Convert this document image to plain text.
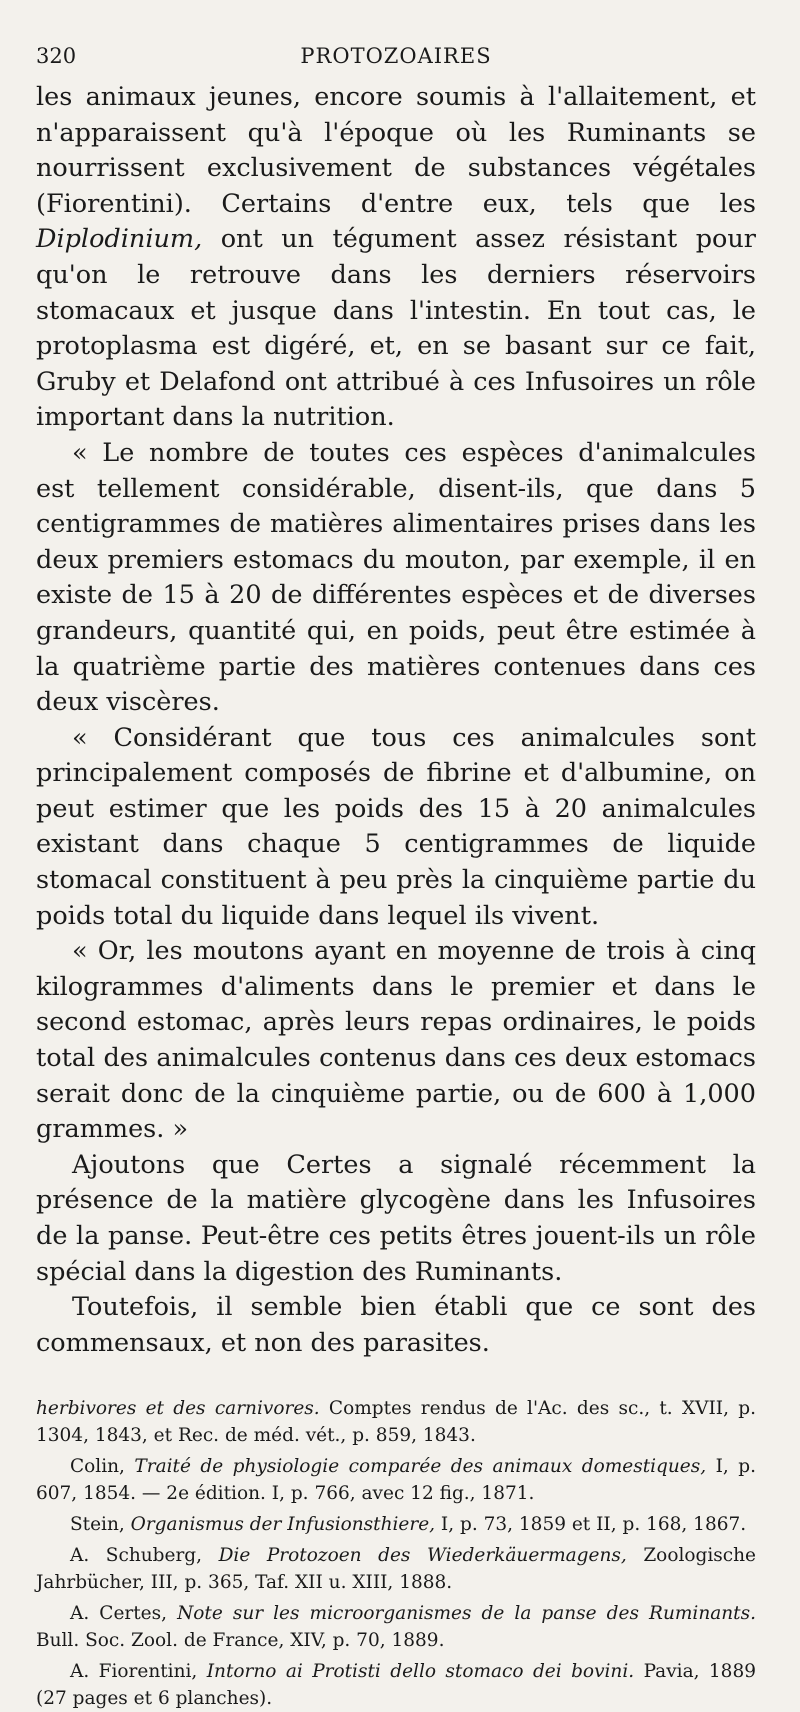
320	PROTOZOAIRES

les animaux jeunes, encore soumis à l'allaitement, et n'apparaissent qu'à l'époque où les Ruminants se nourrissent exclusivement de substances végétales (Fiorentini). Certains d'entre eux, tels que les Diplodinium, ont un tégument assez résistant pour qu'on le retrouve dans les derniers réservoirs stomacaux et jusque dans l'intestin. En tout cas, le protoplasma est digéré, et, en se basant sur ce fait, Gruby et Delafond ont attribué à ces Infusoires un rôle important dans la nutrition.

« Le nombre de toutes ces espèces d'animalcules est tellement considérable, disent-ils, que dans 5 centigrammes de matières alimentaires prises dans les deux premiers estomacs du mouton, par exemple, il en existe de 15 à 20 de différentes espèces et de diverses grandeurs, quantité qui, en poids, peut être estimée à la quatrième partie des matières contenues dans ces deux viscères.

« Considérant que tous ces animalcules sont principalement composés de fibrine et d'albumine, on peut estimer que les poids des 15 à 20 animalcules existant dans chaque 5 centigrammes de liquide stomacal constituent à peu près la cinquième partie du poids total du liquide dans lequel ils vivent.

« Or, les moutons ayant en moyenne de trois à cinq kilogrammes d'aliments dans le premier et dans le second estomac, après leurs repas ordinaires, le poids total des animalcules contenus dans ces deux estomacs serait donc de la cinquième partie, ou de 600 à 1,000 grammes. »

Ajoutons que Certes a signalé récemment la présence de la matière glycogène dans les Infusoires de la panse. Peut-être ces petits êtres jouent-ils un rôle spécial dans la digestion des Ruminants.

Toutefois, il semble bien établi que ce sont des commensaux, et non des parasites.

herbivores et des carnivores. Comptes rendus de l'Ac. des sc., t. XVII, p. 1304, 1843, et Rec. de méd. vét., p. 859, 1843.

Colin, Traité de physiologie comparée des animaux domestiques, I, p. 607, 1854. — 2e édition. I, p. 766, avec 12 fig., 1871.

Stein, Organismus der Infusionsthiere, I, p. 73, 1859 et II, p. 168, 1867.

A. Schuberg, Die Protozoen des Wiederkäuermagens, Zoologische Jahrbücher, III, p. 365, Taf. XII u. XIII, 1888.

A. Certes, Note sur les microorganismes de la panse des Ruminants. Bull. Soc. Zool. de France, XIV, p. 70, 1889.

A. Fiorentini, Intorno ai Protisti dello stomaco dei bovini. Pavia, 1889 (27 pages et 6 planches).
